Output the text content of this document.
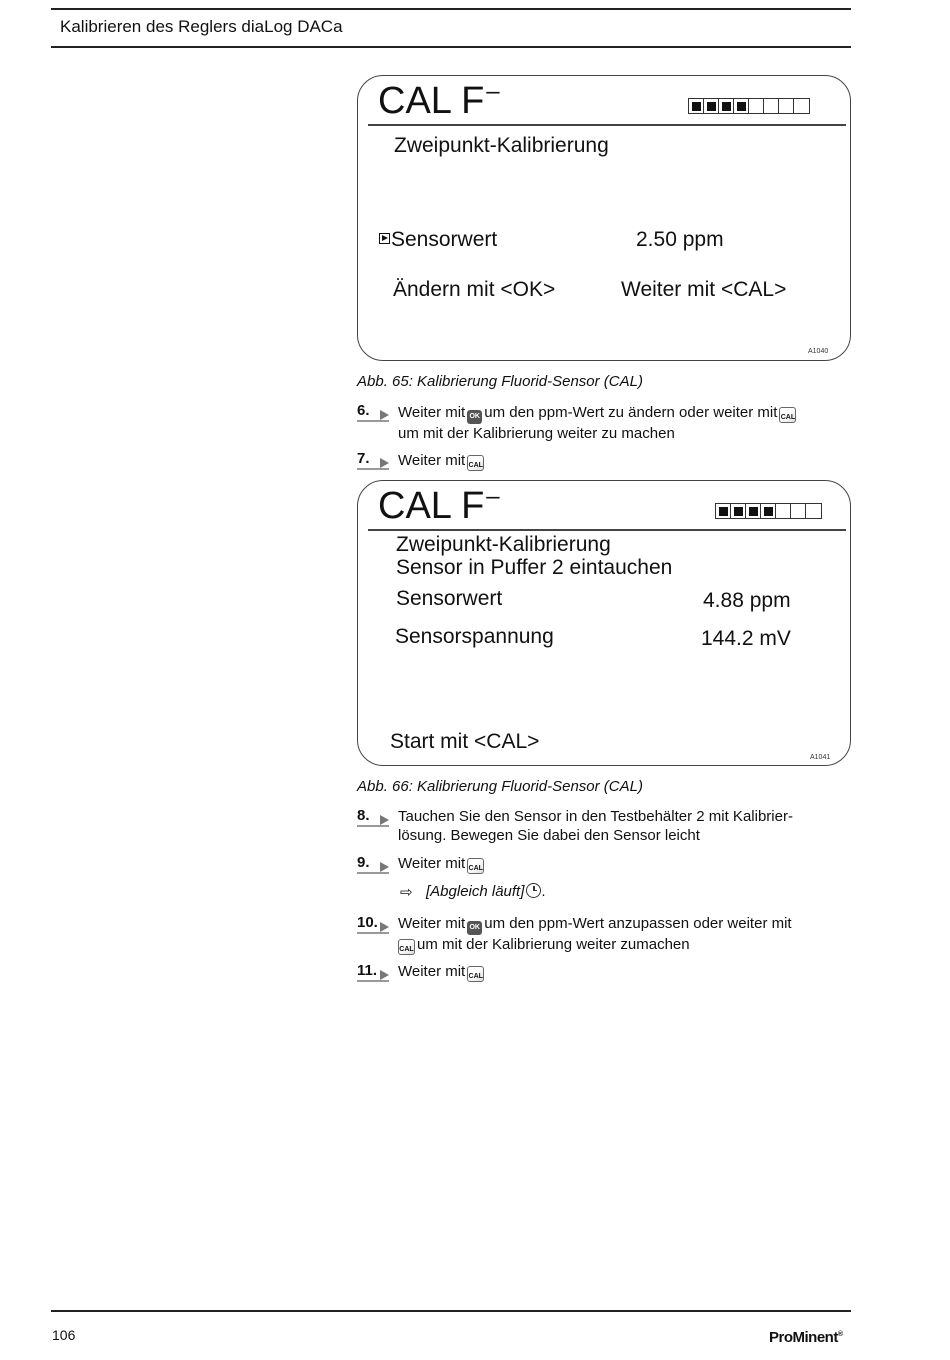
Kalibrieren des Reglers diaLog DACa
CAL F–
Zweipunkt-Kalibrierung
Sensorwert	2.50 ppm
Ändern mit <OK>	Weiter mit <CAL>
A1040
Abb. 65: Kalibrierung Fluorid-Sensor (CAL)
6. Weiter mit OK um den ppm-Wert zu ändern oder weiter mit CAL
um mit der Kalibrierung weiter zu machen
7. Weiter mit CAL
CAL F–
Zweipunkt-Kalibrierung
Sensor in Puffer 2 eintauchen
Sensorwert	4.88 ppm
Sensorspannung	144.2 mV
Start mit <CAL>
A1041
Abb. 66: Kalibrierung Fluorid-Sensor (CAL)
8. Tauchen Sie den Sensor in den Testbehälter 2 mit Kalibrier-
lösung. Bewegen Sie dabei den Sensor leicht
9. Weiter mit CAL
⇨ [Abgleich läuft] .
10. Weiter mit OK um den ppm-Wert anzupassen oder weiter mit
CAL um mit der Kalibrierung weiter zumachen
11. Weiter mit CAL
106	ProMinent®
